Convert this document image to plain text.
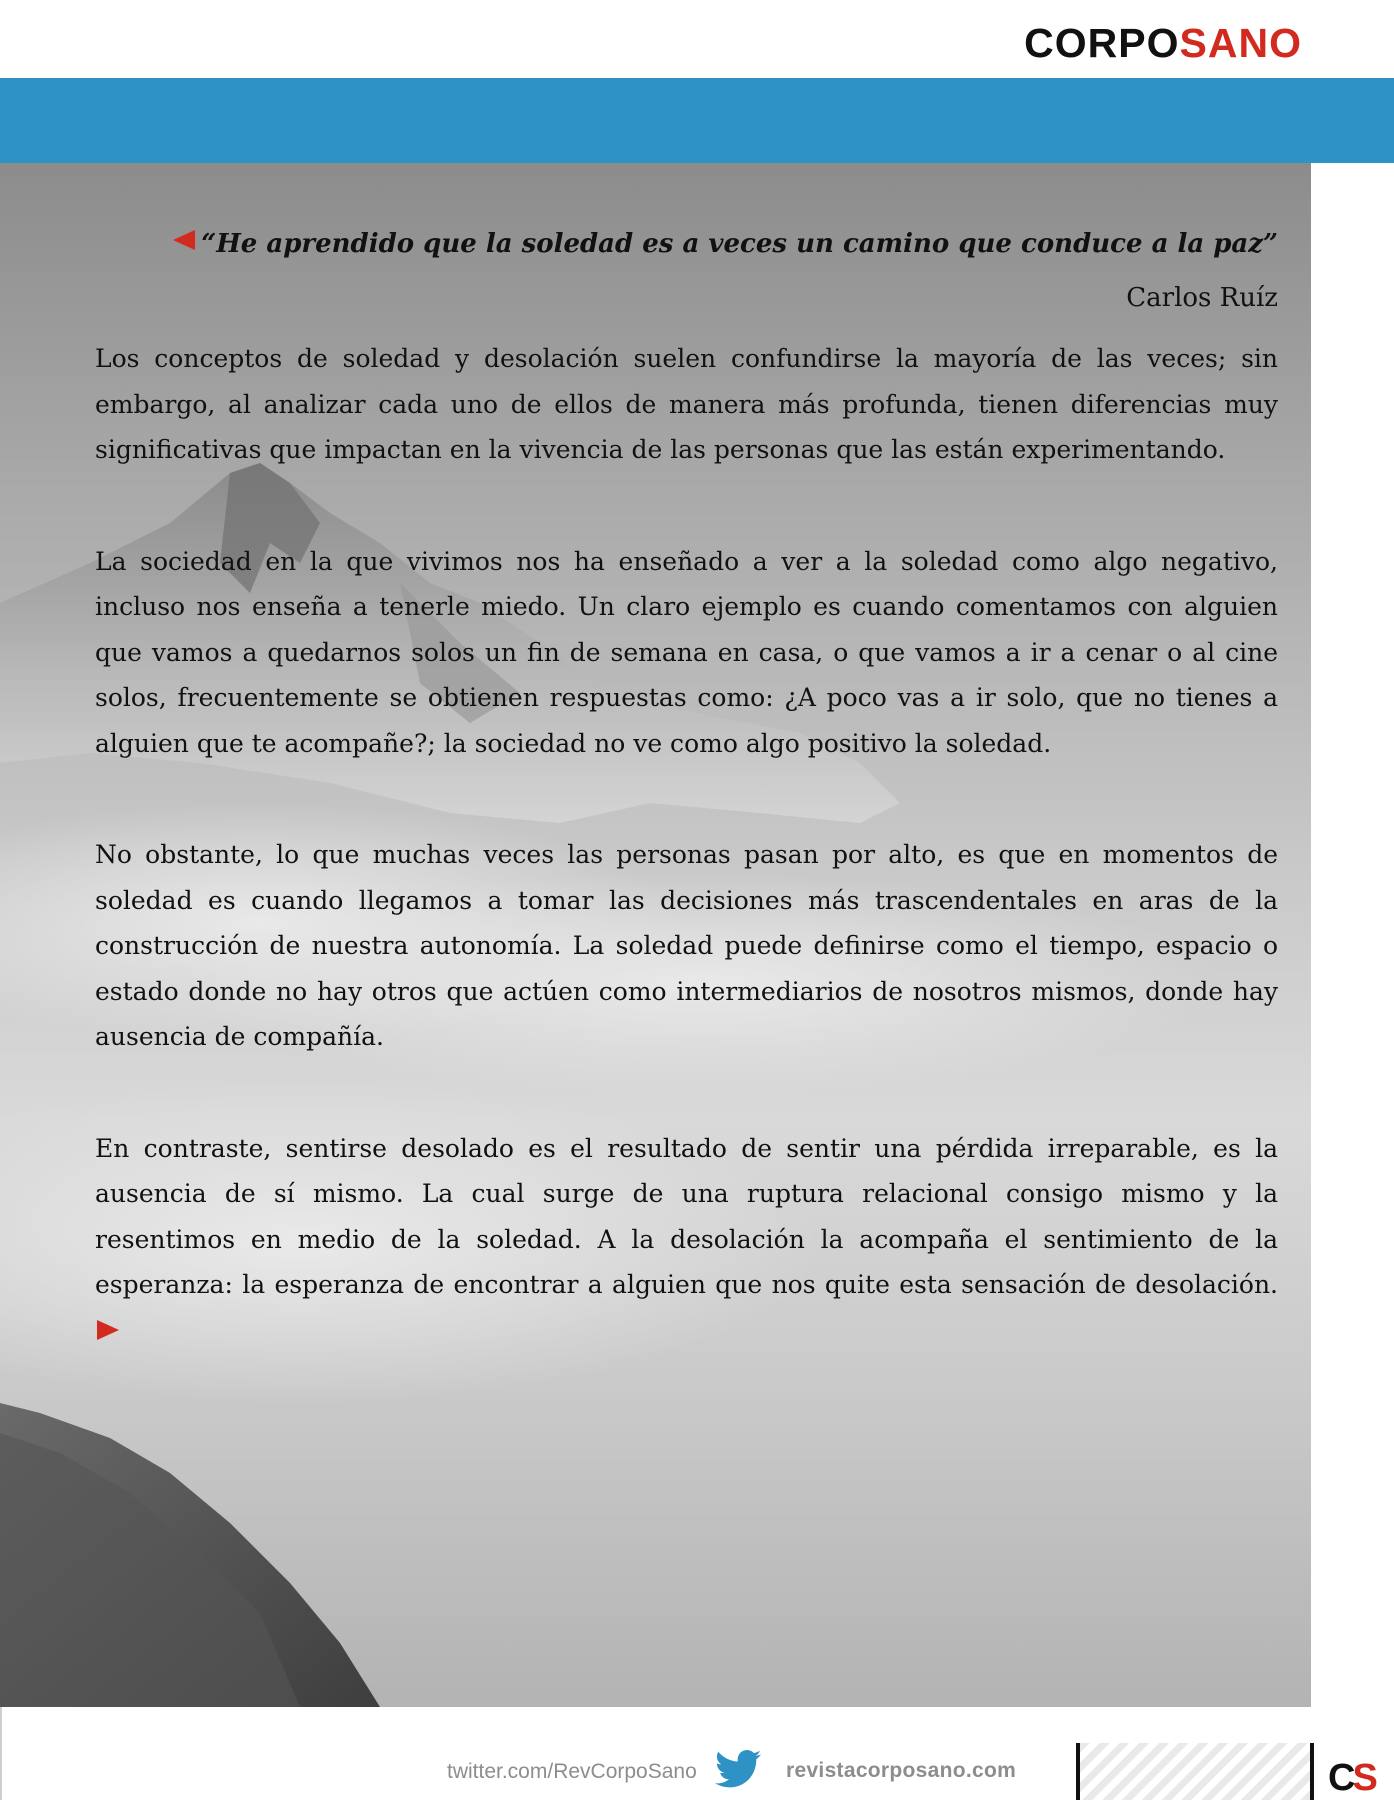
CORPOSANO

“He aprendido que la soledad es a veces un camino que conduce a la paz”

Carlos Ruíz

Los conceptos de soledad y desolación suelen confundirse la mayoría de las veces; sin embargo, al analizar cada uno de ellos de manera más profunda, tienen diferencias muy significativas que impactan en la vivencia de las personas que las están experimentando.

La sociedad en la que vivimos nos ha enseñado a ver a la soledad como algo negativo, incluso nos enseña a tenerle miedo. Un claro ejemplo es cuando comentamos con alguien que vamos a quedarnos solos un fin de semana en casa, o que vamos a ir a cenar o al cine solos, frecuentemente se obtienen respuestas como: ¿A poco vas a ir solo, que no tienes a alguien que te acompañe?; la sociedad no ve como algo positivo la soledad.

No obstante, lo que muchas veces las personas pasan por alto, es que en momentos de soledad es cuando llegamos a tomar las decisiones más trascendentales en aras de la construcción de nuestra autonomía. La soledad puede definirse como el tiempo, espacio o estado donde no hay otros que actúen como intermediarios de nosotros mismos, donde hay ausencia de compañía.

En contraste, sentirse desolado es el resultado de sentir una pérdida irreparable, es la ausencia de sí mismo. La cual surge de una ruptura relacional consigo mismo y la resentimos en medio de la soledad. A la desolación la acompaña el sentimiento de la esperanza: la esperanza de encontrar a alguien que nos quite esta sensación de desolación.

twitter.com/RevCorpoSano	revistacorposano.com	CS
